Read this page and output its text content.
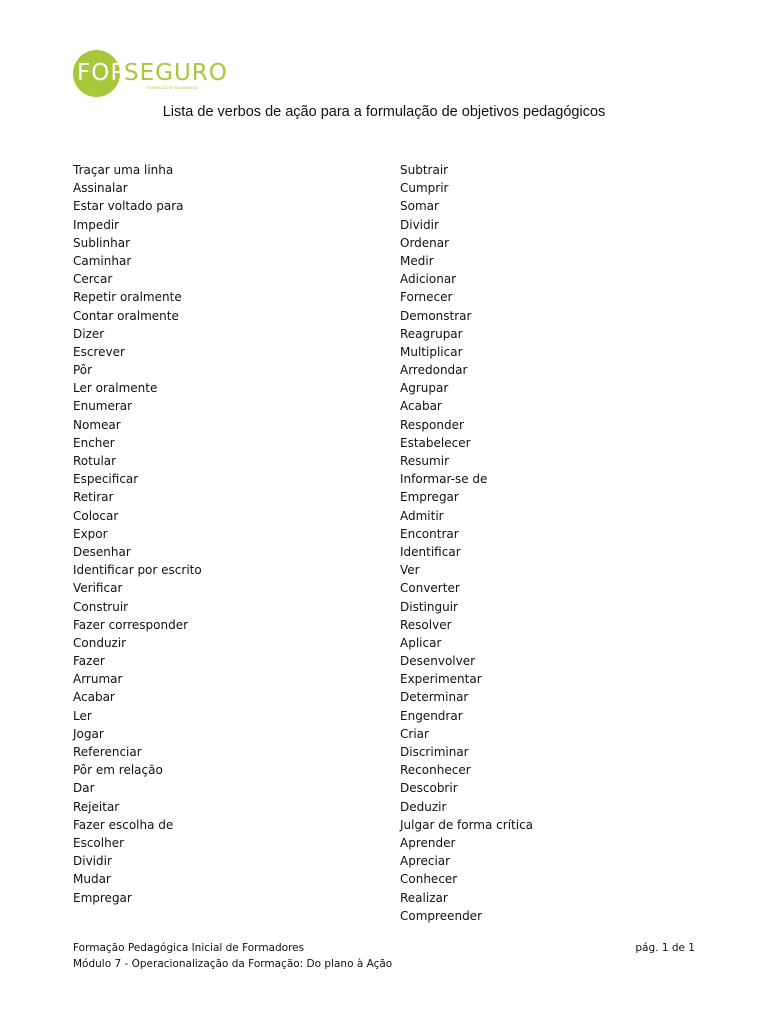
FOR
SEGURO
FORMAÇÃO E SEGURANÇA
Lista de verbos de ação para a formulação de objetivos pedagógicos
Traçar uma linha
Assinalar
Estar voltado para
Impedir
Sublinhar
Caminhar
Cercar
Repetir oralmente
Contar oralmente
Dizer
Escrever
Pôr
Ler oralmente
Enumerar
Nomear
Encher
Rotular
Especificar
Retirar
Colocar
Expor
Desenhar
Identificar por escrito
Verificar
Construir
Fazer corresponder
Conduzir
Fazer
Arrumar
Acabar
Ler
Jogar
Referenciar
Pôr em relação
Dar
Rejeitar
Fazer escolha de
Escolher
Dividir
Mudar
Empregar
Subtrair
Cumprir
Somar
Dividir
Ordenar
Medir
Adicionar
Fornecer
Demonstrar
Reagrupar
Multiplicar
Arredondar
Agrupar
Acabar
Responder
Estabelecer
Resumir
Informar-se de
Empregar
Admitir
Encontrar
Identificar
Ver
Converter
Distinguir
Resolver
Aplicar
Desenvolver
Experimentar
Determinar
Engendrar
Criar
Discriminar
Reconhecer
Descobrir
Deduzir
Julgar de forma crítica
Aprender
Apreciar
Conhecer
Realizar
Compreender
Formação Pedagógica Inicial de Formadores
Módulo 7 - Operacionalização da Formação: Do plano à Ação
pág. 1 de 1
